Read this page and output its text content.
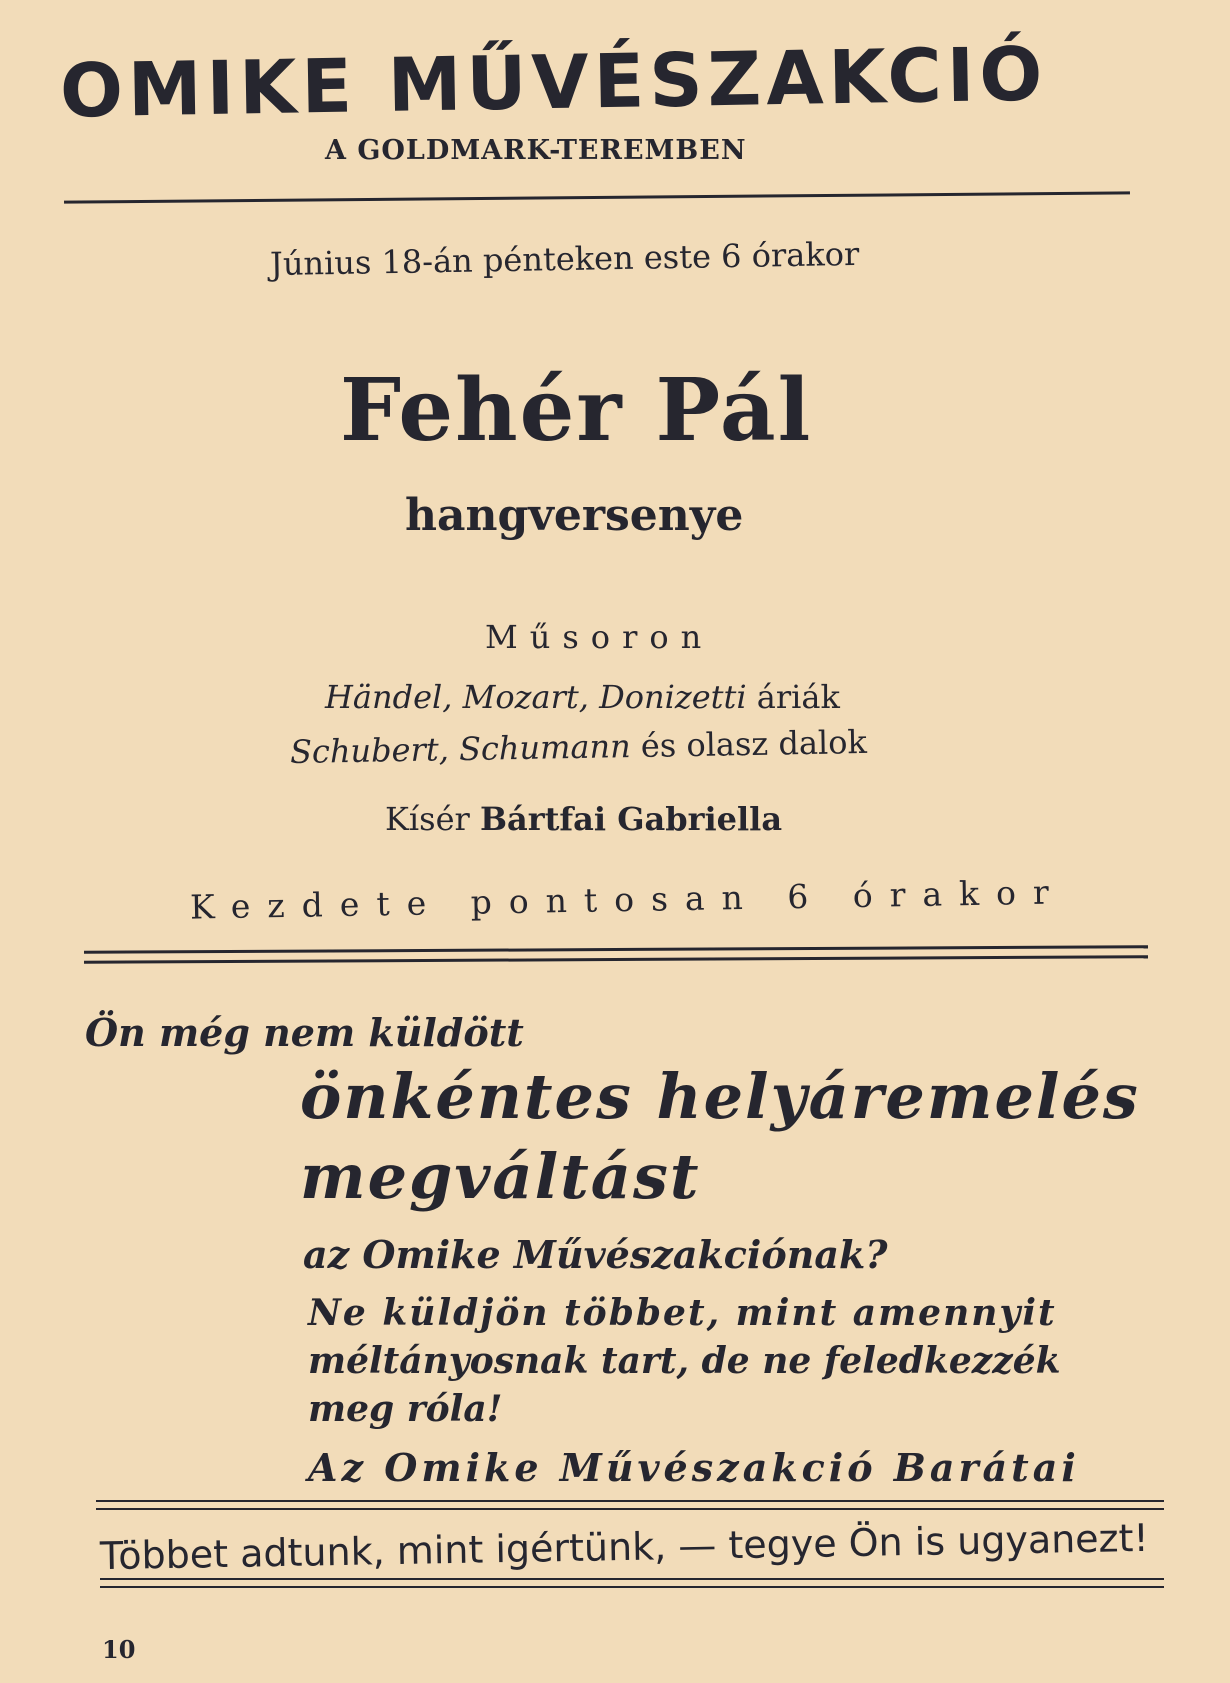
OMIKE MŰVÉSZAKCIÓ
A GOLDMARK-TEREMBEN
Június 18-án pénteken este 6 órakor
Fehér Pál
hangversenye
Műsoron
Händel, Mozart, Donizetti áriák
Schubert, Schumann és olasz dalok
Kísér Bártfai Gabriella
Kezdete pontosan 6 órakor
Ön még nem küldött
önkéntes helyáremelés
megváltást
az Omike Művészakciónak?
Ne küldjön többet, mint amennyit
méltányosnak tart, de ne feledkezzék
meg róla!
Az Omike Művészakció Barátai
Többet adtunk, mint igértünk, — tegye Ön is ugyanezt!
10
